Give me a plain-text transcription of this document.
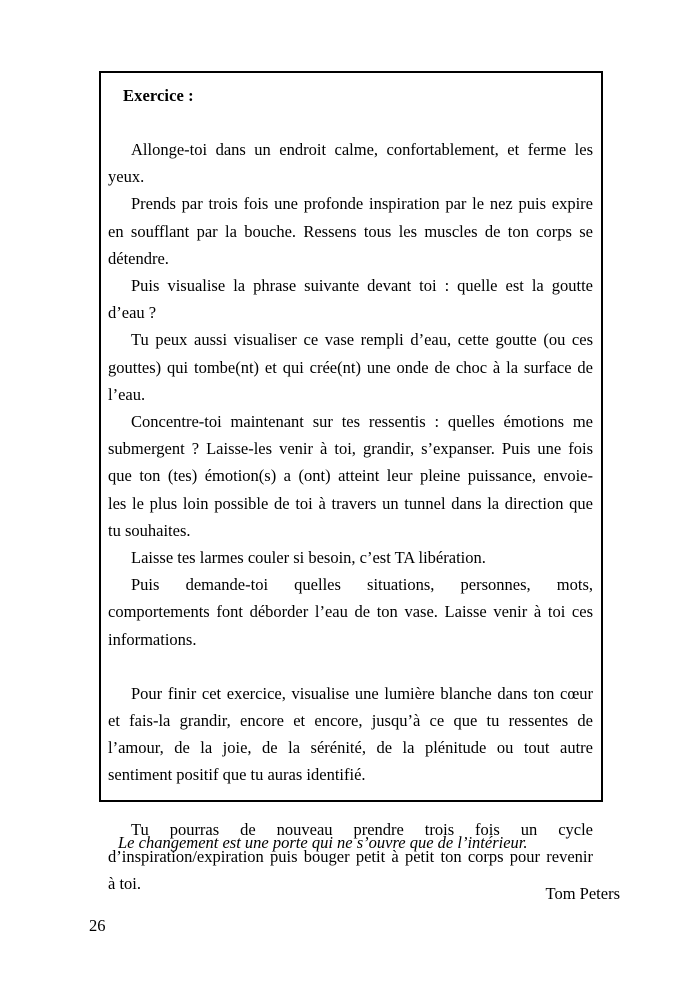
Exercice :
Allonge-toi dans un endroit calme, confortablement, et ferme les
yeux.
Prends par trois fois une profonde inspiration par le nez puis expire
en soufflant par la bouche. Ressens tous les muscles de ton corps se
détendre.
Puis visualise la phrase suivante devant toi : quelle est la goutte
d’eau ?
Tu peux aussi visualiser ce vase rempli d’eau, cette goutte (ou ces
gouttes) qui tombe(nt) et qui crée(nt) une onde de choc à la surface de
l’eau.
Concentre-toi maintenant sur tes ressentis : quelles émotions me
submergent ? Laisse-les venir à toi, grandir, s’expanser. Puis une fois
que ton (tes) émotion(s) a (ont) atteint leur pleine puissance, envoie-
les le plus loin possible de toi à travers un tunnel dans la direction que
tu souhaites.
Laisse tes larmes couler si besoin, c’est TA libération.
Puis demande-toi quelles situations, personnes, mots,
comportements font déborder l’eau de ton vase. Laisse venir à toi ces
informations.
Pour finir cet exercice, visualise une lumière blanche dans ton cœur
et fais-la grandir, encore et encore, jusqu’à ce que tu ressentes de
l’amour, de la joie, de la sérénité, de la plénitude ou tout autre
sentiment positif que tu auras identifié.
Tu pourras de nouveau prendre trois fois un cycle
d’inspiration/expiration puis bouger petit à petit ton corps pour revenir
à toi.
Le changement est une porte qui ne s’ouvre que de l’intérieur.
Tom Peters
26
